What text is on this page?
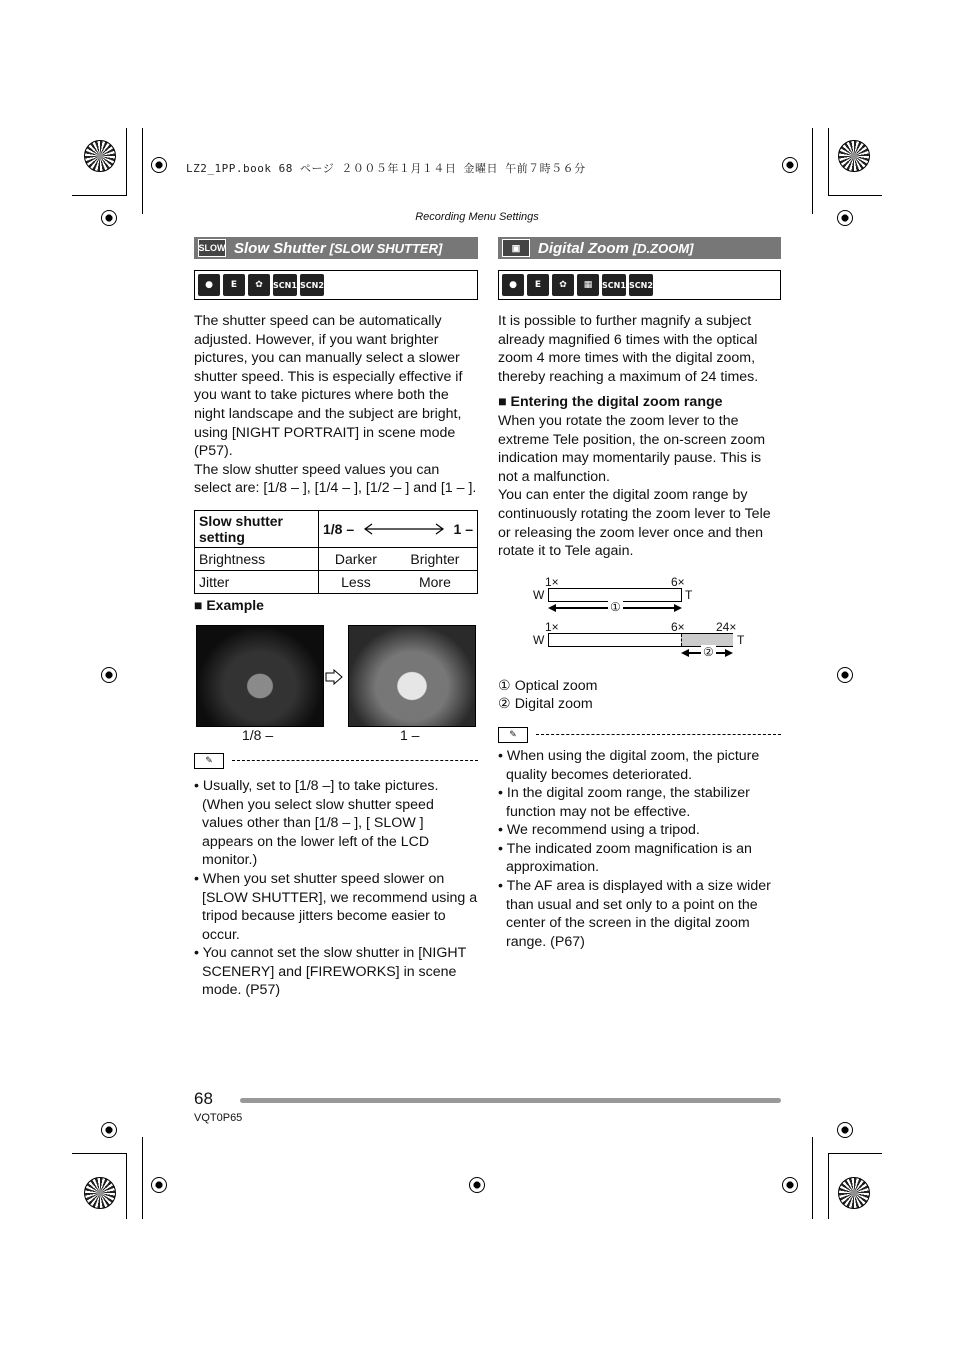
LZ2_1PP.book 68 ページ ２００５年１月１４日 金曜日 午前７時５６分
Recording Menu Settings
SLOW Slow Shutter [SLOW SHUTTER]
●	E	✿	SCN1 SCN2

The shutter speed can be automatically adjusted. However, if you want brighter pictures, you can manually select a slower shutter speed. This is especially effective if you want to take pictures where both the night landscape and the subject are bright, using [NIGHT PORTRAIT] in scene mode (P57).

The slow shutter speed values you can select are: [1/8 – ], [1/4 – ], [1/2 – ] and [1 – ].

Slow shutter setting	1/8 – 1 –	

Brightness	Darker	Brighter
Jitter	Less	More
■ Example
1/8 –	1 –
✎

• Usually, set to [1/8 –] to take pictures. (When you select slow shutter speed values other than [1/8 – ], [ SLOW ] appears on the lower left of the LCD monitor.)

• When you set shutter speed slower on [SLOW SHUTTER], we recommend using a tripod because jitters become easier to occur.

• You cannot set the slow shutter in [NIGHT SCENERY] and [FIREWORKS] in scene mode. (P57)

▣	Digital Zoom [D.ZOOM]
●	E	✿	▦	SCN1 SCN2

It is possible to further magnify a subject already magnified 6 times with the optical zoom 4 more times with the digital zoom, thereby reaching a maximum of 24 times.

■ Entering the digital zoom range

When you rotate the zoom lever to the extreme Tele position, the on-screen zoom indication may momentarily pause. This is not a malfunction.

You can enter the digital zoom range by continuously rotating the zoom lever to Tele or releasing the zoom lever once and then rotate it to Tele again.

1×	6×
W	T
①
1×	6×	24×
W	T
②

① Optical zoom

② Digital zoom

✎

• When using the digital zoom, the picture quality becomes deteriorated.

• In the digital zoom range, the stabilizer function may not be effective.

• We recommend using a tripod.

• The indicated zoom magnification is an approximation.

• The AF area is displayed with a size wider than usual and set only to a point on the center of the screen in the digital zoom range. (P67)

68
VQT0P65
